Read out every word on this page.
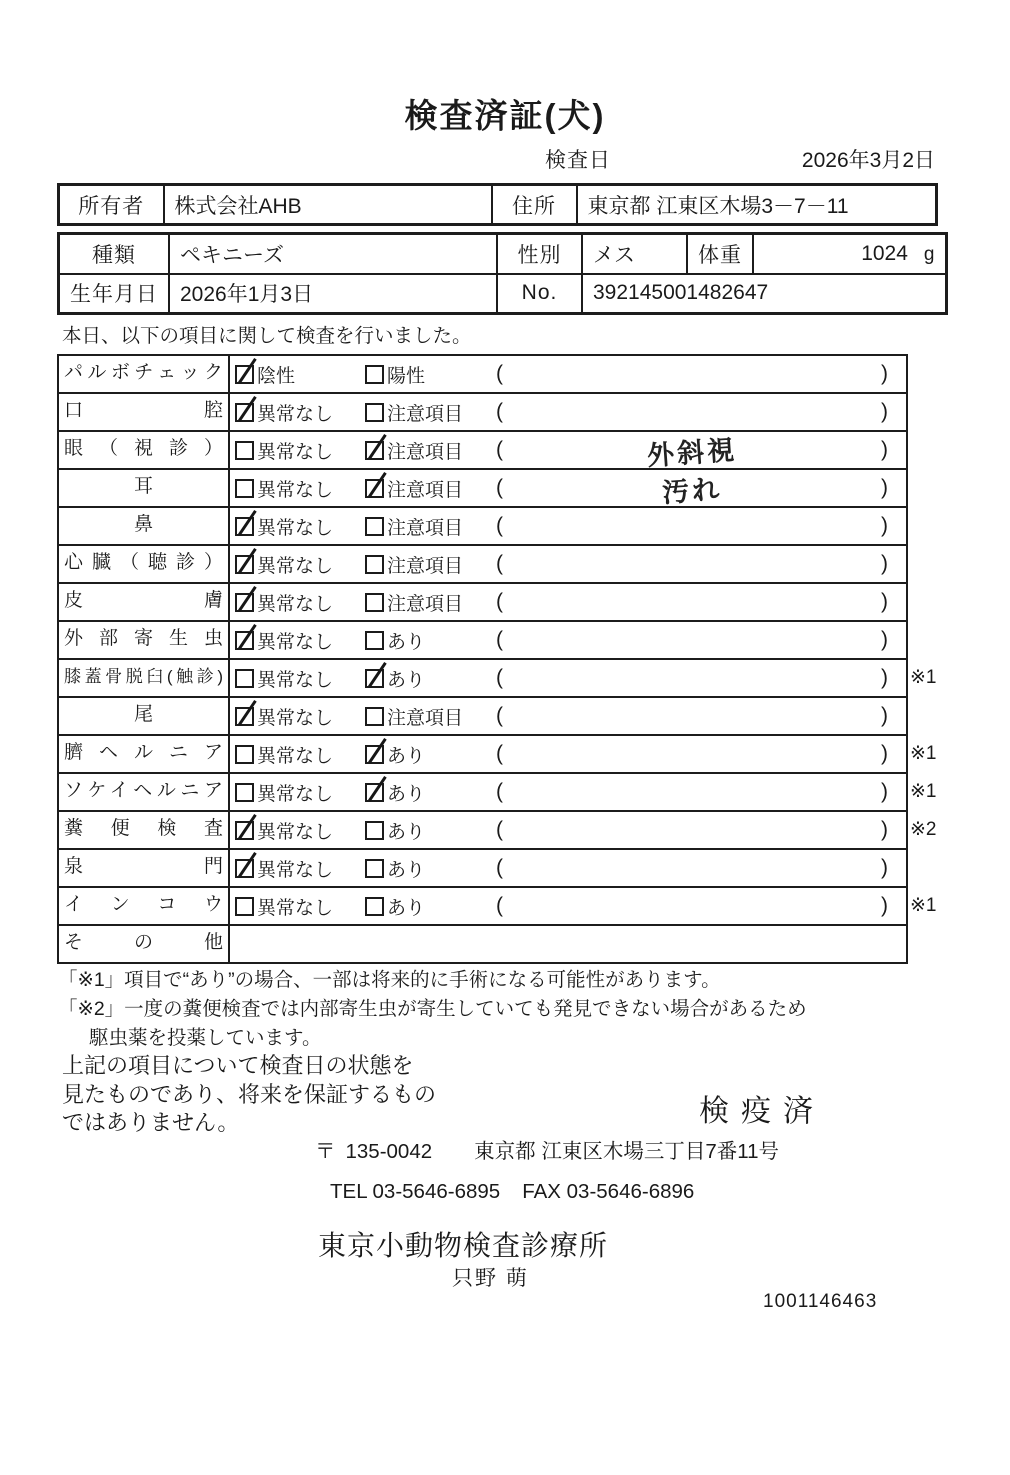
検査済証(犬)
検査日	2026年3月2日
所有者	株式会社AHB	住所	東京都 江東区木場3－7－11
種類	ペキニーズ	性別	メス	体重	1024 g
生年月日	2026年1月3日	No.	392145001482647		
本日、以下の項目に関して検査を行いました。
パルボチェック	陰性	陽性	(	)
口腔	異常なし	注意項目 (	)
眼（視診）	異常なし	注意項目 (	外斜視	)
耳	異常なし	注意項目 (	汚れ	)
鼻	異常なし	注意項目 (	)
心臓（聴診）	異常なし	注意項目 (	)
皮膚	異常なし	注意項目 (	)
外部寄生虫	異常なし	あり	(	)
膝蓋骨脱臼(触診)	異常なし	あり	(	) ※1
尾	異常なし	注意項目 (	)
臍ヘルニア	異常なし	あり	(	) ※1
ソケイヘルニア	異常なし	あり	(	) ※1
糞便検査	異常なし	あり	(	) ※2
泉門	異常なし	あり	(	)
インコウ	異常なし	あり	(	) ※1
その他
「※1」項目で“あり”の場合、一部は将来的に手術になる可能性があります。
「※2」一度の糞便検査では内部寄生虫が寄生していても発見できない場合があるため
駆虫薬を投薬しています。
上記の項目について検査日の状態を
見たものであり、将来を保証するもの
ではありません。	検疫済
〒 135-0042 東京都 江東区木場三丁目7番11号
TEL 03-5646-6895 FAX 03-5646-6896
東京小動物検査診療所
只野 萌
1001146463
